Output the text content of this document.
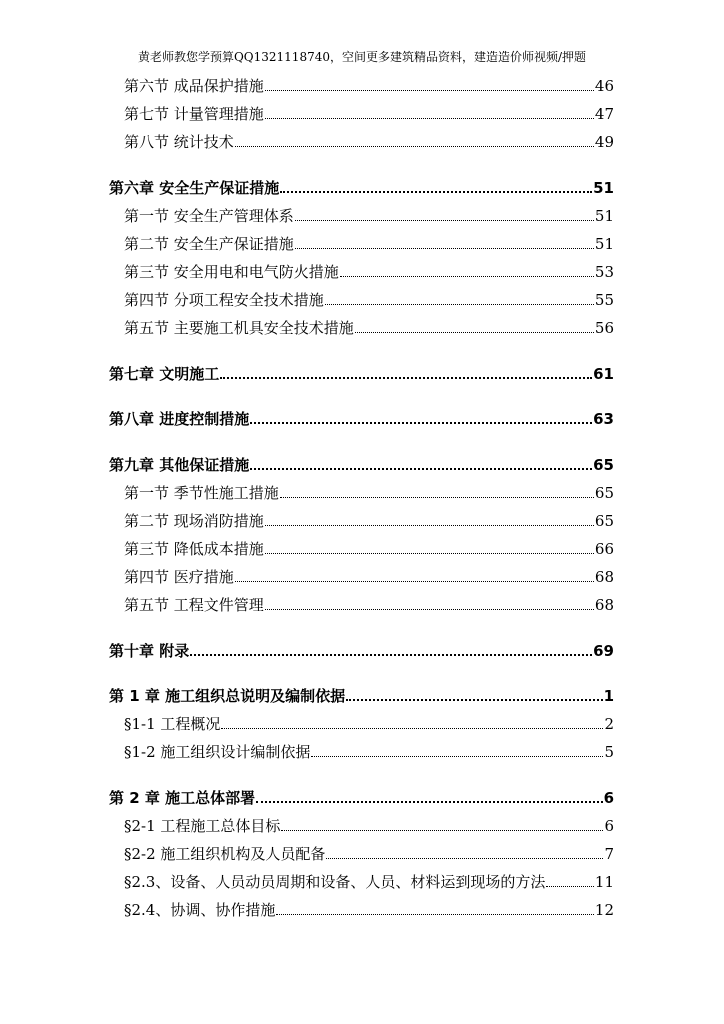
黄老师教您学预算QQ1321118740，空间更多建筑精品资料，建造造价师视频/押题
第六节 成品保护措施	46
第七节 计量管理措施	47
第八节 统计技术	49
第六章 安全生产保证措施	51
第一节 安全生产管理体系	51
第二节 安全生产保证措施	51
第三节 安全用电和电气防火措施	53
第四节 分项工程安全技术措施	55
第五节 主要施工机具安全技术措施	56
第七章 文明施工	61
第八章 进度控制措施	63
第九章 其他保证措施	65
第一节 季节性施工措施	65
第二节 现场消防措施	65
第三节 降低成本措施	66
第四节 医疗措施	68
第五节 工程文件管理	68
第十章 附录	69
第 1 章 施工组织总说明及编制依据	1
§1-1 工程概况	2
§1-2 施工组织设计编制依据	5
第 2 章 施工总体部署	6
§2-1 工程施工总体目标	6
§2-2 施工组织机构及人员配备	7
§2.3、设备、人员动员周期和设备、人员、材料运到现场的方法	11
§2.4、协调、协作措施	12
